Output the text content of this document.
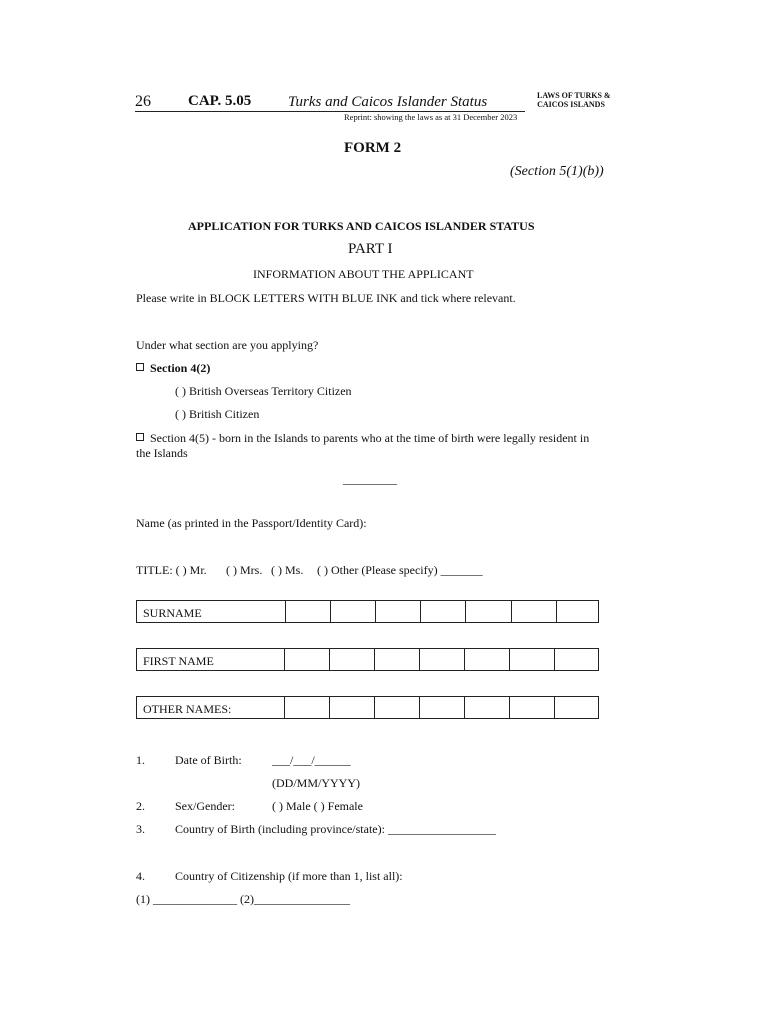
26 CAP. 5.05 Turks and Caicos Islander Status	LAWS OF TURKS &
CAICOS ISLANDS
Reprint: showing the laws as at 31 December 2023
FORM 2
(Section 5(1)(b))
APPLICATION FOR TURKS AND CAICOS ISLANDER STATUS
PART I
INFORMATION ABOUT THE APPLICANT
Please write in BLOCK LETTERS WITH BLUE INK and tick where relevant.
Under what section are you applying?
Section 4(2)
( ) British Overseas Territory Citizen
( ) British Citizen
Section 4(5) - born in the Islands to parents who at the time of birth were legally resident in
the Islands
_________
Name (as printed in the Passport/Identity Card):
TITLE: ( ) Mr. ( ) Mrs. ( ) Ms. ( ) Other (Please specify) _______
SURNAME
FIRST NAME
OTHER NAMES:
1.	Date of Birth:	___/___/______
(DD/MM/YYYY)
2.	Sex/Gender:	( ) Male ( ) Female
3.	Country of Birth (including province/state): __________________
4.	Country of Citizenship (if more than 1, list all):
(1) ______________ (2)________________
